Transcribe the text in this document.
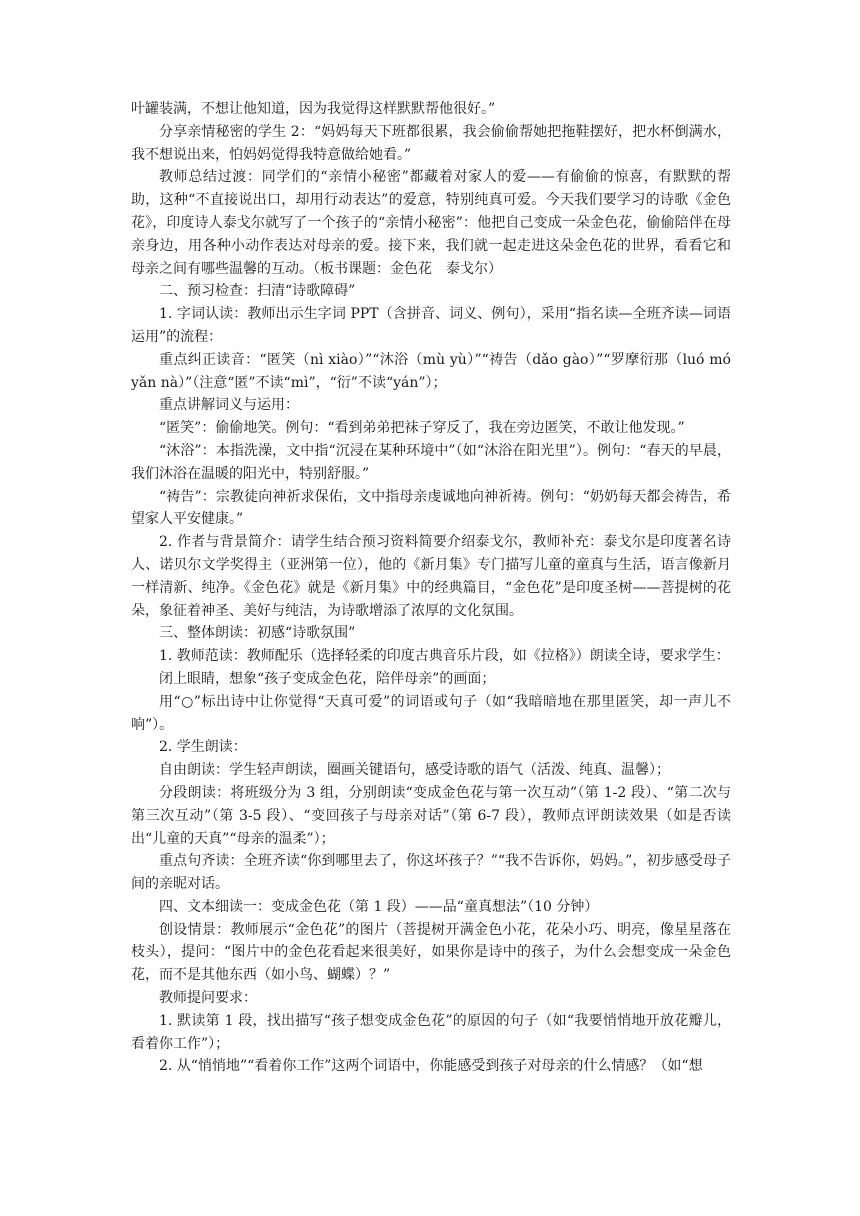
叶罐装满，不想让他知道，因为我觉得这样默默帮他很好。”

分享亲情秘密的学生 2：“妈妈每天下班都很累，我会偷偷帮她把拖鞋摆好，把水杯倒满水，我不想说出来，怕妈妈觉得我特意做给她看。”

教师总结过渡：同学们的“亲情小秘密”都藏着对家人的爱——有偷偷的惊喜，有默默的帮助，这种“不直接说出口，却用行动表达”的爱意，特别纯真可爱。今天我们要学习的诗歌《金色花》，印度诗人泰戈尔就写了一个孩子的“亲情小秘密”：他把自己变成一朵金色花，偷偷陪伴在母亲身边，用各种小动作表达对母亲的爱。接下来，我们就一起走进这朵金色花的世界，看看它和母亲之间有哪些温馨的互动。（板书课题：金色花　泰戈尔）

二、预习检查：扫清“诗歌障碍”

1. 字词认读：教师出示生字词 PPT（含拼音、词义、例句），采用“指名读—全班齐读—词语运用”的流程：

重点纠正读音：“匿笑（nì xiào）”“沐浴（mù yù）”“祷告（dǎo gào）”“罗摩衍那（luó mó yǎn nà）”（注意“匿”不读“mì”，“衍”不读“yán”）；

重点讲解词义与运用：

“匿笑”：偷偷地笑。例句：“看到弟弟把袜子穿反了，我在旁边匿笑，不敢让他发现。”

“沐浴”：本指洗澡，文中指“沉浸在某种环境中”（如“沐浴在阳光里”）。例句：“春天的早晨，我们沐浴在温暖的阳光中，特别舒服。”

“祷告”：宗教徒向神祈求保佑，文中指母亲虔诚地向神祈祷。例句：“奶奶每天都会祷告，希望家人平安健康。”

2. 作者与背景简介：请学生结合预习资料简要介绍泰戈尔，教师补充：泰戈尔是印度著名诗人、诺贝尔文学奖得主（亚洲第一位），他的《新月集》专门描写儿童的童真与生活，语言像新月一样清新、纯净。《金色花》就是《新月集》中的经典篇目，“金色花”是印度圣树——菩提树的花朵，象征着神圣、美好与纯洁，为诗歌增添了浓厚的文化氛围。

三、整体朗读：初感“诗歌氛围”

1. 教师范读：教师配乐（选择轻柔的印度古典音乐片段，如《拉格》）朗读全诗，要求学生：

闭上眼睛，想象“孩子变成金色花，陪伴母亲”的画面；

用“○”标出诗中让你觉得“天真可爱”的词语或句子（如“我暗暗地在那里匿笑，却一声儿不响”）。

2. 学生朗读：

自由朗读：学生轻声朗读，圈画关键语句，感受诗歌的语气（活泼、纯真、温馨）；

分段朗读：将班级分为 3 组，分别朗读“变成金色花与第一次互动”（第 1-2 段）、“第二次与第三次互动”（第 3-5 段）、“变回孩子与母亲对话”（第 6-7 段），教师点评朗读效果（如是否读出“儿童的天真”“母亲的温柔”）；

重点句齐读：全班齐读“你到哪里去了，你这坏孩子？”“我不告诉你，妈妈。”，初步感受母子间的亲昵对话。

四、文本细读一：变成金色花（第 1 段）——品“童真想法”（10 分钟）

创设情景：教师展示“金色花”的图片（菩提树开满金色小花，花朵小巧、明亮，像星星落在枝头），提问：“图片中的金色花看起来很美好，如果你是诗中的孩子，为什么会想变成一朵金色花，而不是其他东西（如小鸟、蝴蝶）？”

教师提问要求：

1. 默读第 1 段，找出描写“孩子想变成金色花”的原因的句子（如“我要悄悄地开放花瓣儿，看着你工作”）；

2. 从“悄悄地”“看着你工作”这两个词语中，你能感受到孩子对母亲的什么情感？（如“想
